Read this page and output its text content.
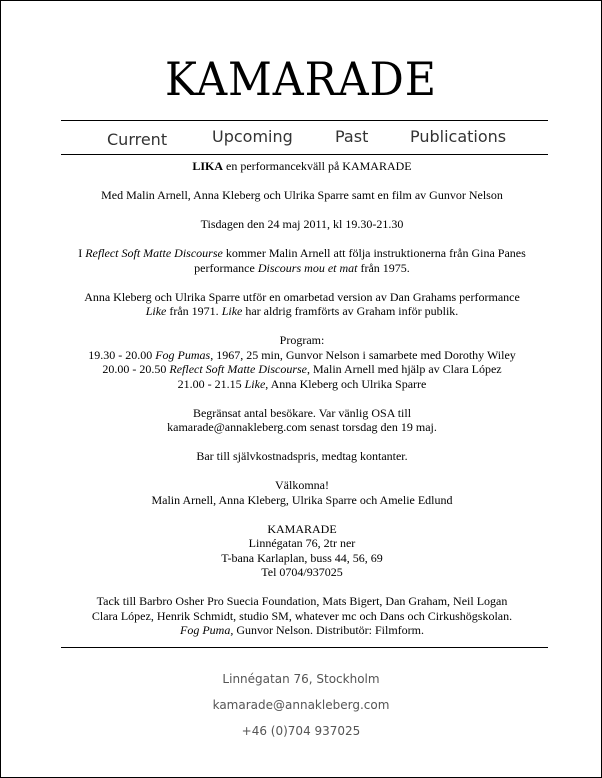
KAMARADE
Current	Upcoming	Past	Publications

LIKA en performancekväll på KAMARADE

Med Malin Arnell, Anna Kleberg och Ulrika Sparre samt en film av Gunvor Nelson

Tisdagen den 24 maj 2011, kl 19.30-21.30

I Reflect Soft Matte Discourse kommer Malin Arnell att följa instruktionerna från Gina Panes
performance Discours mou et mat från 1975.

Anna Kleberg och Ulrika Sparre utför en omarbetad version av Dan Grahams performance
Like från 1971. Like har aldrig framförts av Graham inför publik.

Program:
19.30 - 20.00 Fog Pumas, 1967, 25 min, Gunvor Nelson i samarbete med Dorothy Wiley
20.00 - 20.50 Reflect Soft Matte Discourse, Malin Arnell med hjälp av Clara López
21.00 - 21.15 Like, Anna Kleberg och Ulrika Sparre

Begränsat antal besökare. Var vänlig OSA till
kamarade@annakleberg.com senast torsdag den 19 maj.

Bar till självkostnadspris, medtag kontanter.

Välkomna!
Malin Arnell, Anna Kleberg, Ulrika Sparre och Amelie Edlund

KAMARADE
Linnégatan 76, 2tr ner
T-bana Karlaplan, buss 44, 56, 69
Tel 0704/937025

Tack till Barbro Osher Pro Suecia Foundation, Mats Bigert, Dan Graham, Neil Logan
Clara López, Henrik Schmidt, studio SM, whatever mc och Dans och Cirkushögskolan.
Fog Puma, Gunvor Nelson. Distributör: Filmform.

Linnégatan 76, Stockholm
kamarade@annakleberg.com
+46 (0)704 937025
